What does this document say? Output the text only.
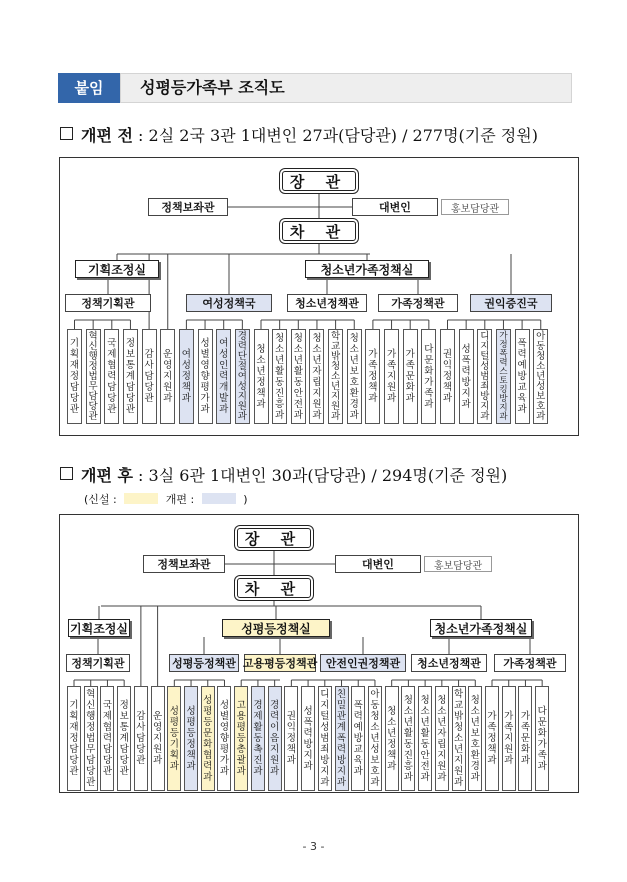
붙임	성평등가족부 조직도
개편 전 : 2실 2국 3관 1대변인 27과(담당관) / 277명(기준 정원)
개편 후 : 3실 6관 1대변인 30과(담당관) / 294명(기준 정원)
(신설 :	개편 :	)
장 관
정책보좌관	대변인	홍보담당관
차 관
기획조정실	청소년가족정책실
정책기획관	여성정책국	청소년정책관	가족정책관	권익증진국
기
획
재
정
담
당
관
혁
신
행
정
법
무
담
당
관
국
제
협
력
담
당
관
정
보
통
계
담
당
관
감
사
담
당
관
운
영
지
원
과
여
성
정
책
과
성
별
영
향
평
가
과
여
성
인
력
개
발
과
경
력
단
절
여
성
지
원
과
청
소
년
정
책
과
청
소
년
활
동
진
흥
과
청
소
년
활
동
안
전
과
청
소
년
자
립
지
원
과
학
교
밖
청
소
년
지
원
과
청
소
년
보
호
환
경
과
가
족
정
책
과
가
족
지
원
과
가
족
문
화
과
다
문
화
가
족
과
권
익
정
책
과
성
폭
력
방
지
과
디
지
털
성
범
죄
방
지
과
가
정
폭
력
스
토
킹
방
지
과
폭
력
예
방
교
육
과
아
동
청
소
년
성
보
호
과
장 관
정책보좌관	대변인	홍보담당관
차 관
기획조정실	성평등정책실	청소년가족정책실
정책기획관	성평등정책관 고용평등정책관 안전인권정책관	청소년정책관	가족정책관
기
획
재
정
담
당
관
혁
신
행
정
법
무
담
당
관
국
제
협
력
담
당
관
정
보
통
계
담
당
관
감
사
담
당
관
운
영
지
원
과
성
평
등
기
획
과
성
평
등
정
책
과
성
평
등
문
화
협
력
과
성
별
영
향
평
가
과
고
용
평
등
총
괄
과
경
제
활
동
촉
진
과
경
력
이
음
지
원
과
권
익
정
책
과
성
폭
력
방
지
과
디
지
털
성
범
죄
방
지
과
친
밀
관
계
폭
력
방
지
과
폭
력
예
방
교
육
과
아
동
청
소
년
성
보
호
과
청
소
년
정
책
과
청
소
년
활
동
진
흥
과
청
소
년
활
동
안
전
과
청
소
년
자
립
지
원
과
학
교
밖
청
소
년
지
원
과
청
소
년
보
호
환
경
과
가
족
정
책
과
가
족
지
원
과
가
족
문
화
과
다
문
화
가
족
과
- 3 -
